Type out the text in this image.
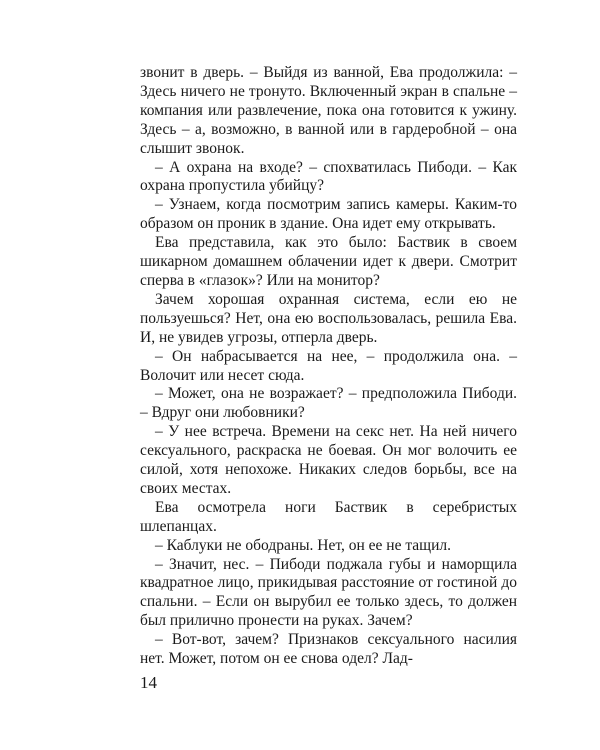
звонит в дверь. – Выйдя из ванной, Ева продолжила: – Здесь ничего не тронуто. Включенный экран в спальне – компания или развлечение, пока она готовится к ужину. Здесь – а, возможно, в ванной или в гардеробной – она слышит звонок.

– А охрана на входе? – спохватилась Пибоди. – Как охрана пропустила убийцу?

– Узнаем, когда посмотрим запись камеры. Каким-то образом он проник в здание. Она идет ему открывать.

Ева представила, как это было: Баствик в своем шикарном домашнем облачении идет к двери. Смотрит сперва в «глазок»? Или на монитор?

Зачем хорошая охранная система, если ею не пользуешься? Нет, она ею воспользовалась, решила Ева. И, не увидев угрозы, отперла дверь.

– Он набрасывается на нее, – продолжила она. – Волочит или несет сюда.

– Может, она не возражает? – предположила Пибоди. – Вдруг они любовники?

– У нее встреча. Времени на секс нет. На ней ничего сексуального, раскраска не боевая. Он мог волочить ее силой, хотя непохоже. Никаких следов борьбы, все на своих местах.

Ева осмотрела ноги Баствик в серебристых шлепанцах.

– Каблуки не ободраны. Нет, он ее не тащил.

– Значит, нес. – Пибоди поджала губы и наморщила квадратное лицо, прикидывая расстояние от гостиной до спальни. – Если он вырубил ее только здесь, то должен был прилично пронести на руках. Зачем?

– Вот-вот, зачем? Признаков сексуального насилия нет. Может, потом он ее снова одел? Лад-

14
